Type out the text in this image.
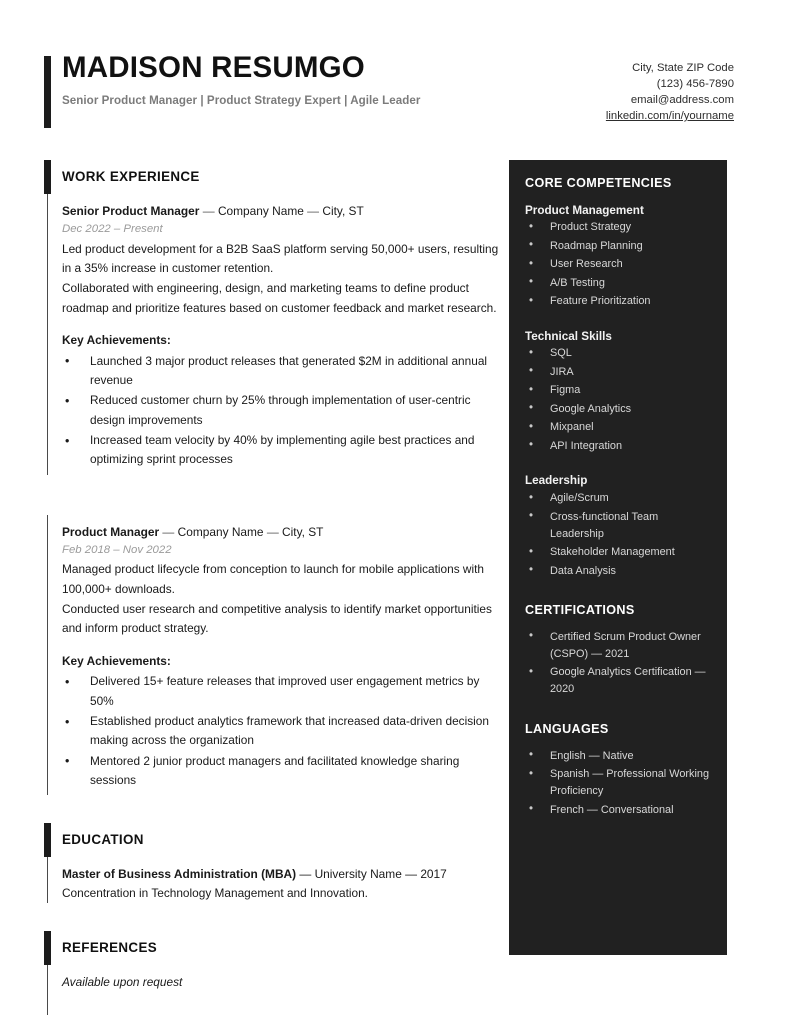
MADISON RESUMGO
Senior Product Manager | Product Strategy Expert | Agile Leader
City, State ZIP Code
(123) 456-7890
email@address.com
linkedin.com/in/yourname
WORK EXPERIENCE
Senior Product Manager — Company Name — City, ST
Dec 2022 – Present
Led product development for a B2B SaaS platform serving 50,000+ users, resulting in a 35% increase in customer retention.
Collaborated with engineering, design, and marketing teams to define product roadmap and prioritize features based on customer feedback and market research.
Key Achievements:
• Launched 3 major product releases that generated $2M in additional annual revenue
• Reduced customer churn by 25% through implementation of user-centric design improvements
• Increased team velocity by 40% by implementing agile best practices and optimizing sprint processes
Product Manager — Company Name — City, ST
Feb 2018 – Nov 2022
Managed product lifecycle from conception to launch for mobile applications with 100,000+ downloads.
Conducted user research and competitive analysis to identify market opportunities and inform product strategy.
Key Achievements:
• Delivered 15+ feature releases that improved user engagement metrics by 50%
• Established product analytics framework that increased data-driven decision making across the organization
• Mentored 2 junior product managers and facilitated knowledge sharing sessions
EDUCATION
Master of Business Administration (MBA) — University Name — 2017
Concentration in Technology Management and Innovation.
REFERENCES
Available upon request
CORE COMPETENCIES
Product Management
• Product Strategy
• Roadmap Planning
• User Research
• A/B Testing
• Feature Prioritization
Technical Skills
• SQL
• JIRA
• Figma
• Google Analytics
• Mixpanel
• API Integration
Leadership
• Agile/Scrum
• Cross-functional Team Leadership
• Stakeholder Management
• Data Analysis
CERTIFICATIONS
• Certified Scrum Product Owner (CSPO) — 2021
• Google Analytics Certification — 2020
LANGUAGES
• English — Native
• Spanish — Professional Working Proficiency
• French — Conversational
